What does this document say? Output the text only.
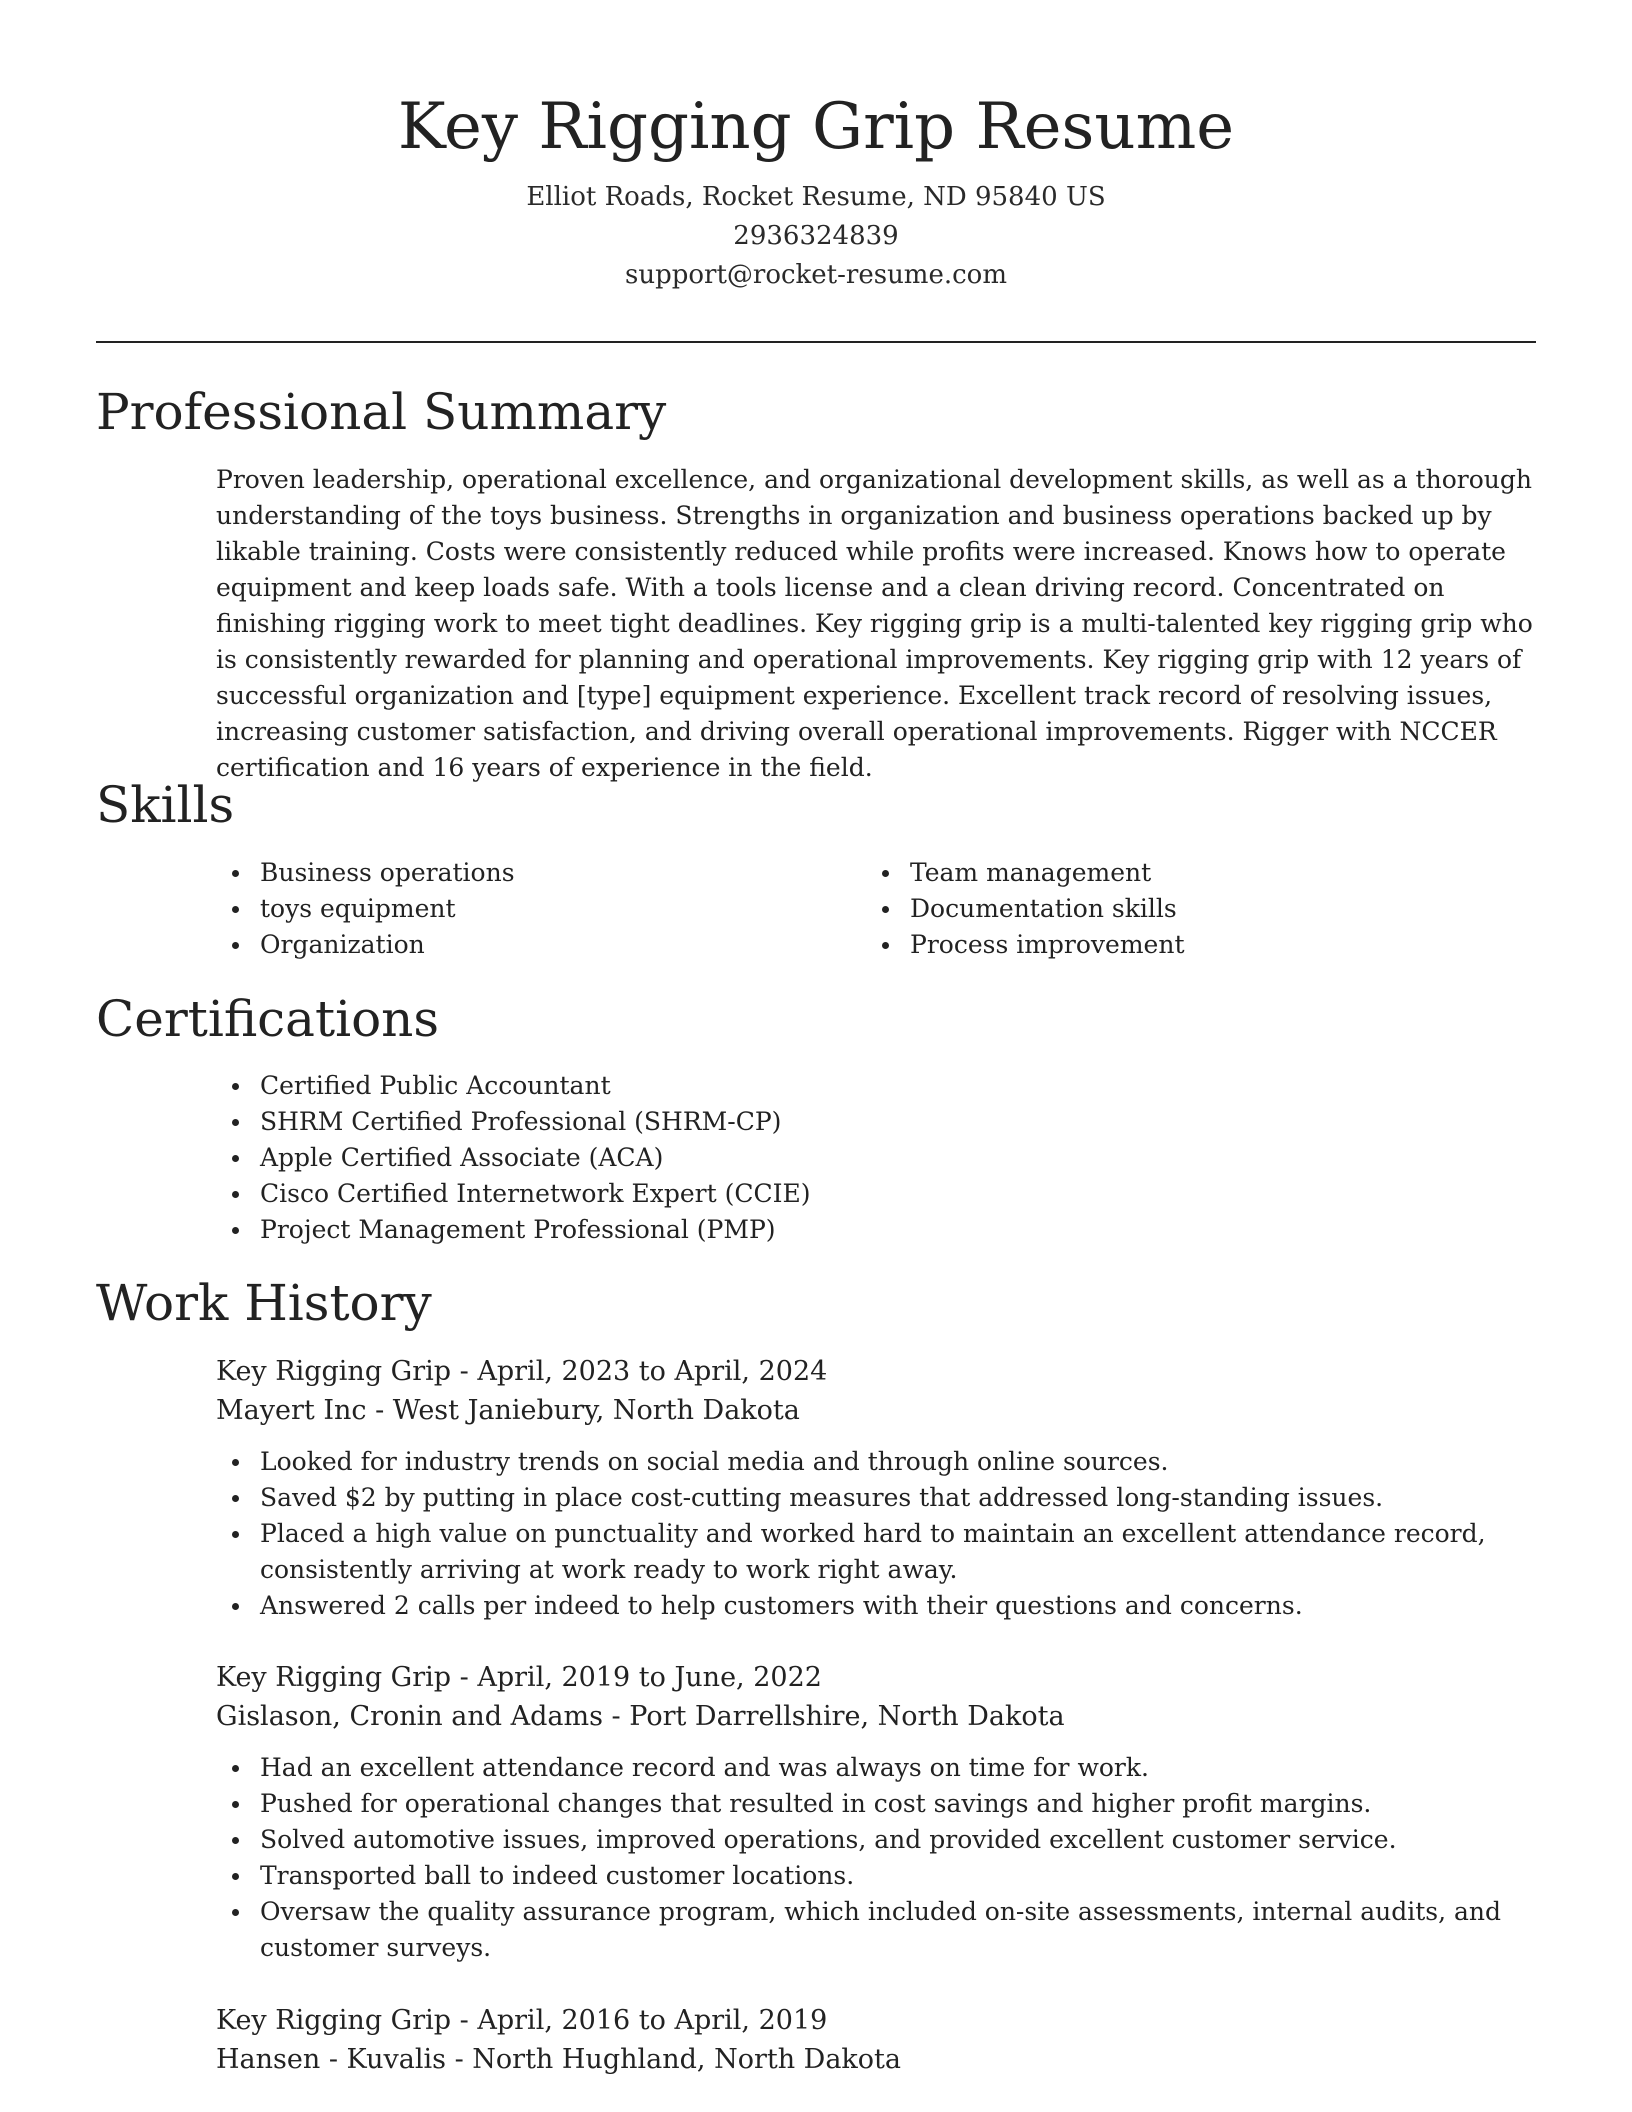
Key Rigging Grip Resume
Elliot Roads, Rocket Resume, ND 95840 US
2936324839
support@rocket-resume.com
Professional Summary
Proven leadership, operational excellence, and organizational development skills, as well as a thorough understanding of the toys business. Strengths in organization and business operations backed up by likable training. Costs were consistently reduced while profits were increased. Knows how to operate equipment and keep loads safe. With a tools license and a clean driving record. Concentrated on finishing rigging work to meet tight deadlines. Key rigging grip is a multi-talented key rigging grip who is consistently rewarded for planning and operational improvements. Key rigging grip with 12 years of successful organization and [type] equipment experience. Excellent track record of resolving issues, increasing customer satisfaction, and driving overall operational improvements. Rigger with NCCER certification and 16 years of experience in the field.
Skills
Business operations
toys equipment
Organization
Team management
Documentation skills
Process improvement
Certifications
Certified Public Accountant
SHRM Certified Professional (SHRM-CP)
Apple Certified Associate (ACA)
Cisco Certified Internetwork Expert (CCIE)
Project Management Professional (PMP)
Work History
Key Rigging Grip - April, 2023 to April, 2024
Mayert Inc - West Janiebury, North Dakota
Looked for industry trends on social media and through online sources.
Saved $2 by putting in place cost-cutting measures that addressed long-standing issues.
Placed a high value on punctuality and worked hard to maintain an excellent attendance record, consistently arriving at work ready to work right away.
Answered 2 calls per indeed to help customers with their questions and concerns.
Key Rigging Grip - April, 2019 to June, 2022
Gislason, Cronin and Adams - Port Darrellshire, North Dakota
Had an excellent attendance record and was always on time for work.
Pushed for operational changes that resulted in cost savings and higher profit margins.
Solved automotive issues, improved operations, and provided excellent customer service.
Transported ball to indeed customer locations.
Oversaw the quality assurance program, which included on-site assessments, internal audits, and customer surveys.
Key Rigging Grip - April, 2016 to April, 2019
Hansen - Kuvalis - North Hughland, North Dakota
